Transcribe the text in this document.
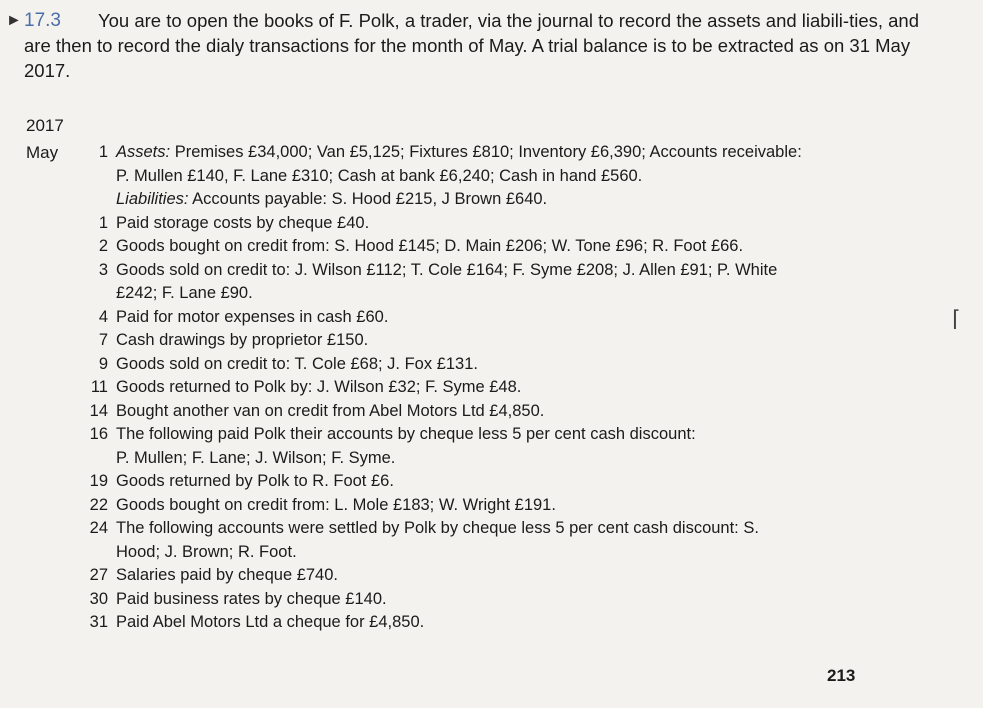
► 17.3	You are to open the books of F. Polk, a trader, via the journal to record the assets and liabili-ties, and are then to record the dialy transactions for the month of May. A trial balance is to be extracted as on 31 May 2017.

2017
May	1 Assets: Premises £34,000; Van £5,125; Fixtures £810; Inventory £6,390; Accounts receivable:
P. Mullen £140, F. Lane £310; Cash at bank £6,240; Cash in hand £560.
Liabilities: Accounts payable: S. Hood £215, J Brown £640.
1 Paid storage costs by cheque £40.
2 Goods bought on credit from: S. Hood £145; D. Main £206; W. Tone £96; R. Foot £66.
3 Goods sold on credit to: J. Wilson £112; T. Cole £164; F. Syme £208; J. Allen £91; P. White
£242; F. Lane £90.
4 Paid for motor expenses in cash £60.
7 Cash drawings by proprietor £150.
9 Goods sold on credit to: T. Cole £68; J. Fox £131.
11 Goods returned to Polk by: J. Wilson £32; F. Syme £48.
14 Bought another van on credit from Abel Motors Ltd £4,850.
16 The following paid Polk their accounts by cheque less 5 per cent cash discount:
P. Mullen; F. Lane; J. Wilson; F. Syme.
19 Goods returned by Polk to R. Foot £6.
22 Goods bought on credit from: L. Mole £183; W. Wright £191.
24 The following accounts were settled by Polk by cheque less 5 per cent cash discount: S.
Hood; J. Brown; R. Foot.
27 Salaries paid by cheque £740.
30 Paid business rates by cheque £140.
31 Paid Abel Motors Ltd a cheque for £4,850.
213
⌈
